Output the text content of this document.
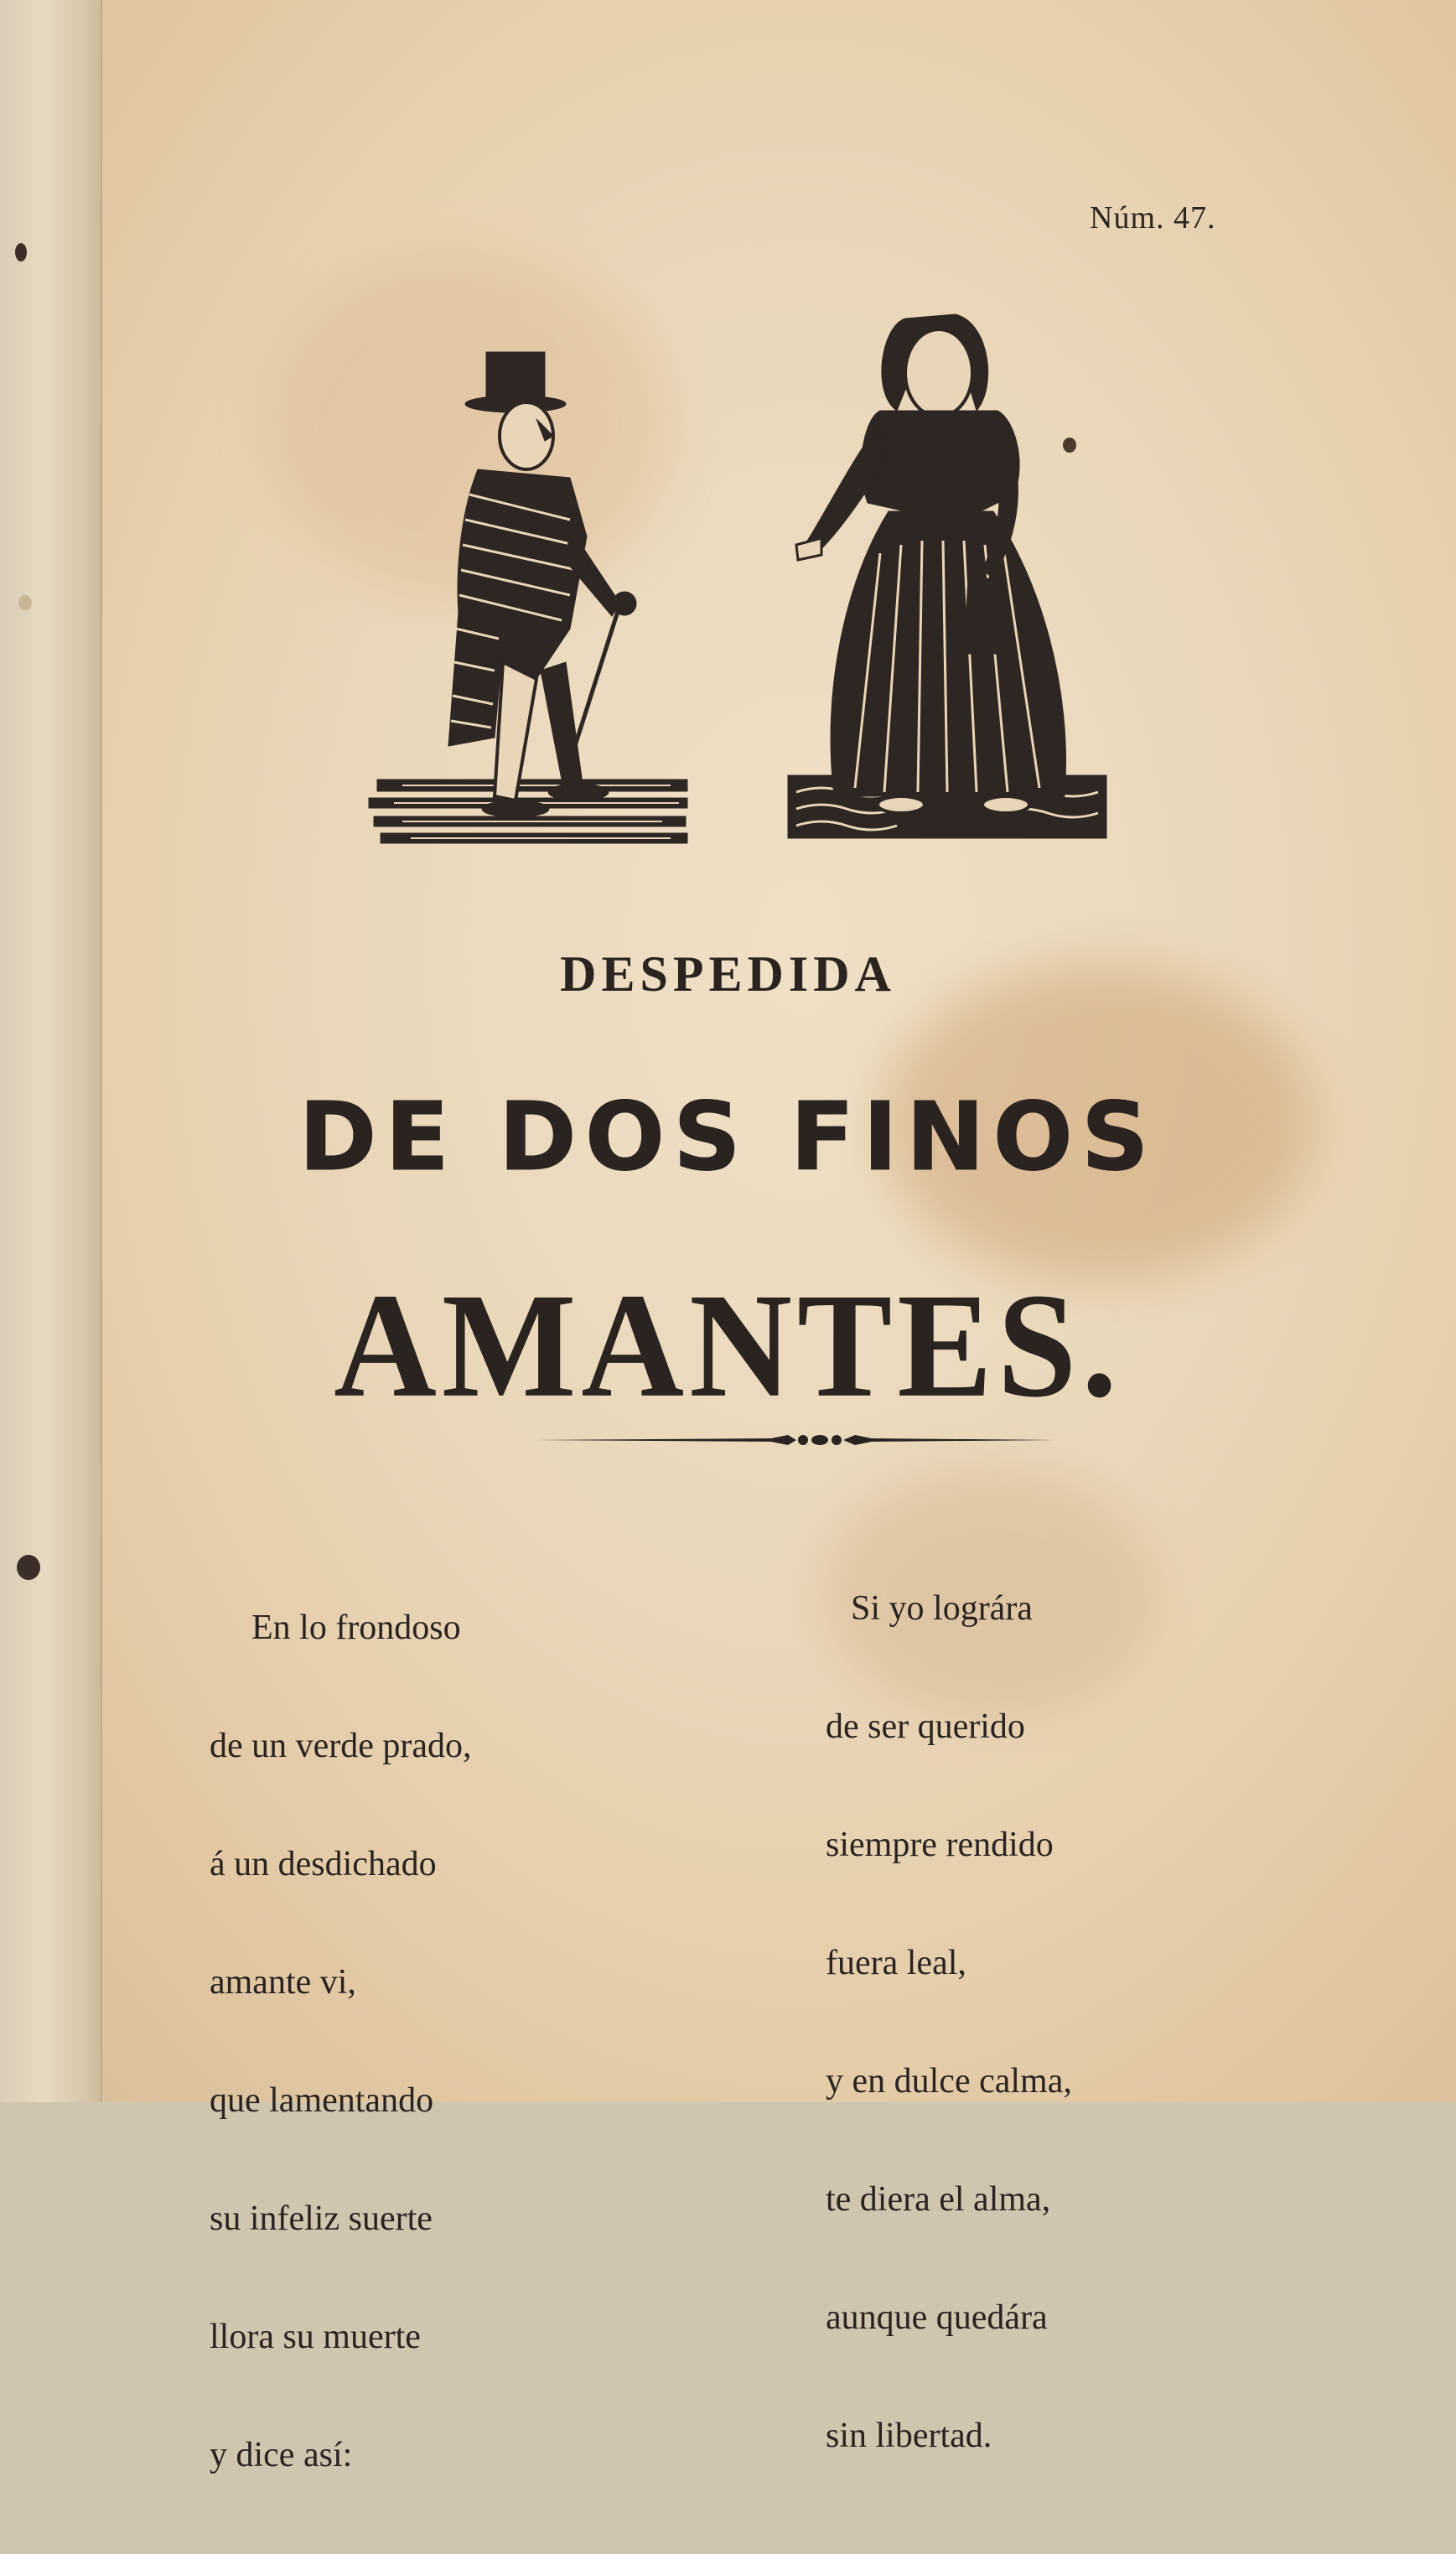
Núm. 47.
DESPEDIDA
DE DOS FINOS
AMANTES.

En lo frondoso

de un verde prado,

á un desdichado

amante vi,

que lamentando

su infeliz suerte

llora su muerte

y dice así:

Si yo lográra

de ser querido

siempre rendido

fuera leal,

y en dulce calma,

te diera el alma,

aunque quedára

sin libertad.
